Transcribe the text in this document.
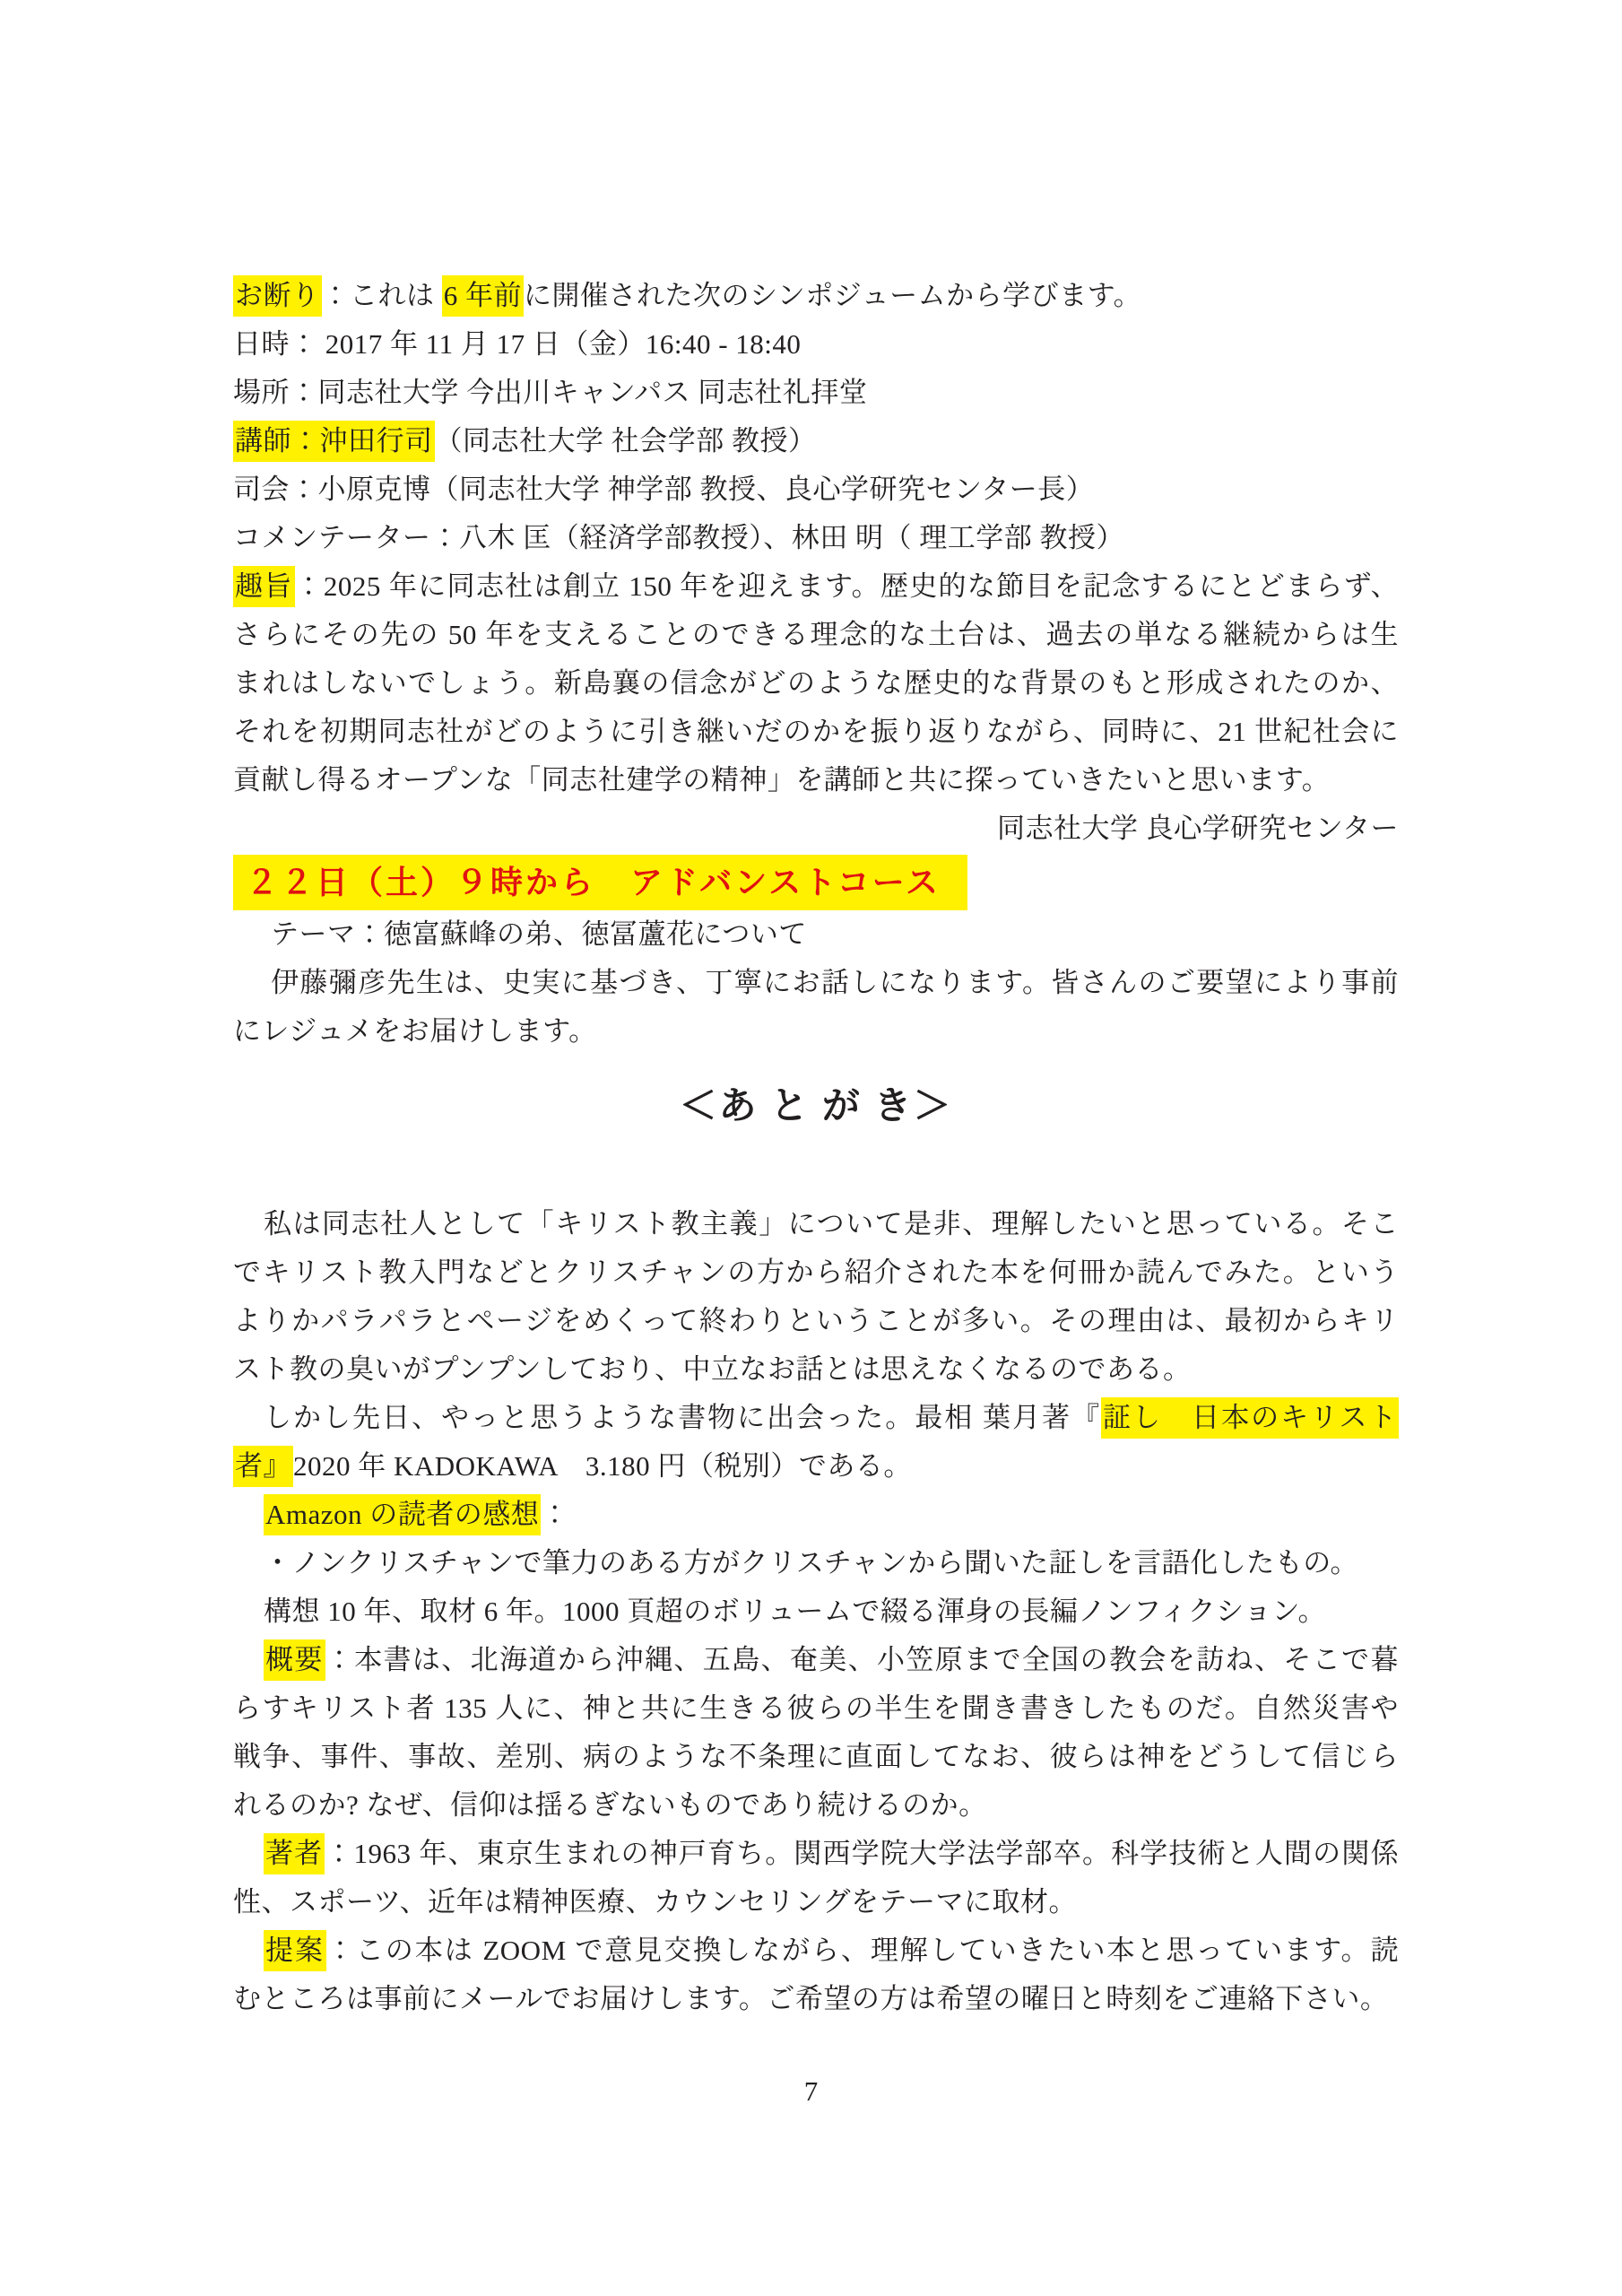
お断り：これは 6 年前に開催された次のシンポジュームから学びます。
日時： 2017 年 11 月 17 日（金）16:40 - 18:40
場所：同志社大学 今出川キャンパス 同志社礼拝堂
講師：沖田行司（同志社大学 社会学部 教授）
司会：小原克博（同志社大学 神学部 教授、良心学研究センター長）
コメンテーター：八木 匡（経済学部教授）、林田 明（ 理工学部 教授）
趣旨：2025 年に同志社は創立 150 年を迎えます。歴史的な節目を記念するにとどまらず、
さらにその先の 50 年を支えることのできる理念的な土台は、過去の単なる継続からは生
まれはしないでしょう。新島襄の信念がどのような歴史的な背景のもと形成されたのか、
それを初期同志社がどのように引き継いだのかを振り返りながら、同時に、21 世紀社会に
貢献し得るオープンな「同志社建学の精神」を講師と共に探っていきたいと思います。
同志社大学 良心学研究センター
２２日（土）９時から　アドバンストコース
テーマ：徳富蘇峰の弟、徳冨蘆花について
伊藤彌彦先生は、史実に基づき、丁寧にお話しになります。皆さんのご要望により事前
にレジュメをお届けします。
＜あ と が き＞
私は同志社人として「キリスト教主義」について是非、理解したいと思っている。そこ
でキリスト教入門などとクリスチャンの方から紹介された本を何冊か読んでみた。という
よりかパラパラとページをめくって終わりということが多い。その理由は、最初からキリ
スト教の臭いがプンプンしており、中立なお話とは思えなくなるのである。
しかし先日、やっと思うような書物に出会った。最相 葉月著『証し　日本のキリスト
者』2020 年 KADOKAWA　3.180 円（税別）である。
Amazon の読者の感想：
・ノンクリスチャンで筆力のある方がクリスチャンから聞いた証しを言語化したもの。
構想 10 年、取材 6 年。1000 頁超のボリュームで綴る渾身の長編ノンフィクション。
概要：本書は、北海道から沖縄、五島、奄美、小笠原まで全国の教会を訪ね、そこで暮
らすキリスト者 135 人に、神と共に生きる彼らの半生を聞き書きしたものだ。自然災害や
戦争、事件、事故、差別、病のような不条理に直面してなお、彼らは神をどうして信じら
れるのか? なぜ、信仰は揺るぎないものであり続けるのか。
著者：1963 年、東京生まれの神戸育ち。関西学院大学法学部卒。科学技術と人間の関係
性、スポーツ、近年は精神医療、カウンセリングをテーマに取材。
提案：この本は ZOOM で意見交換しながら、理解していきたい本と思っています。読
むところは事前にメールでお届けします。ご希望の方は希望の曜日と時刻をご連絡下さい。
7
